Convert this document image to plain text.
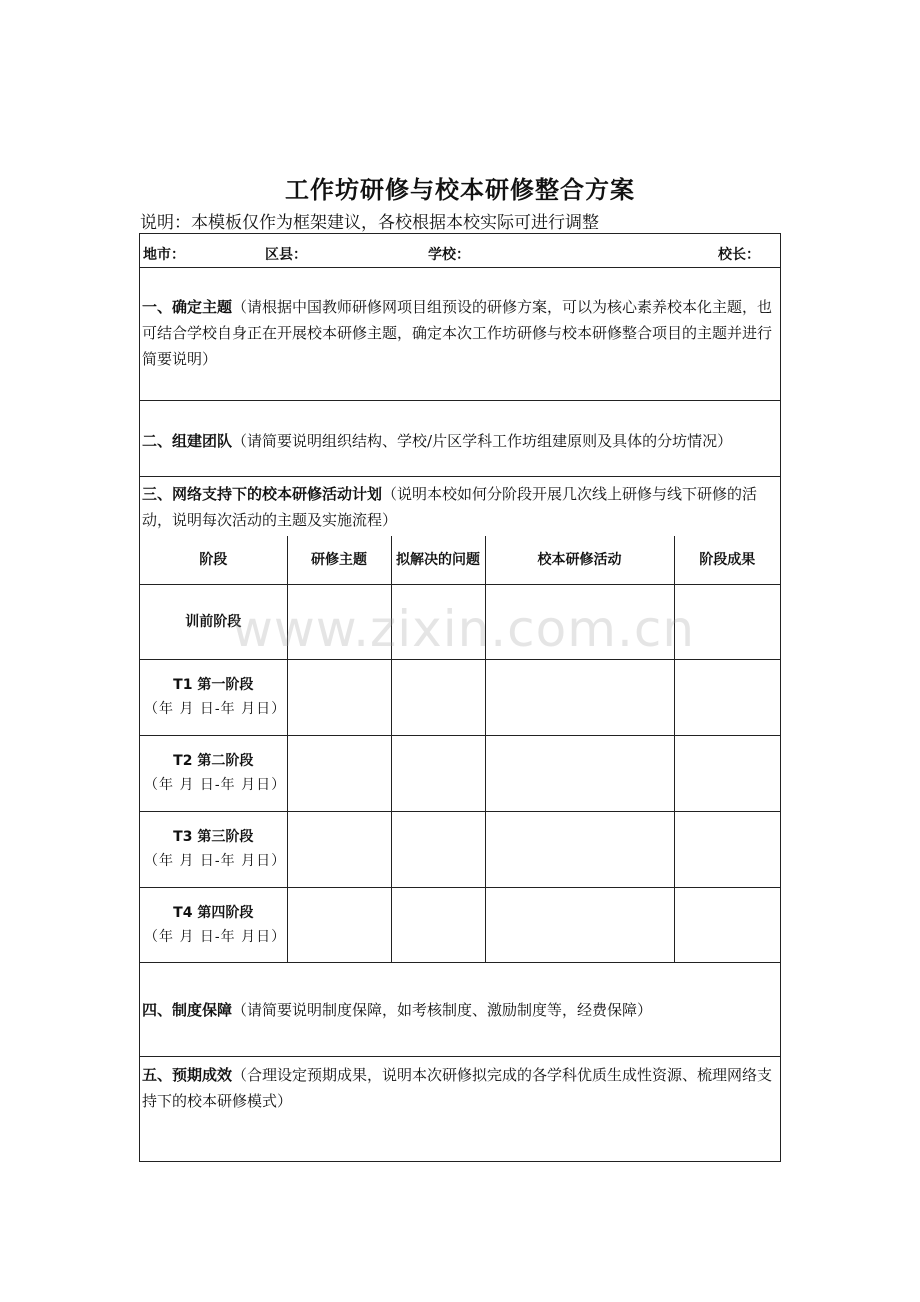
工作坊研修与校本研修整合方案

说明：本模板仅作为框架建议，各校根据本校实际可进行调整

地市：	区县：	学校：	校长：
一、确定主题（请根据中国教师研修网项目组预设的研修方案，可以为核心素养校本化主题，也可结合学校自身正在开展校本研修主题，确定本次工作坊研修与校本研修整合项目的主题并进行简要说明）
二、组建团队（请简要说明组织结构、学校/片区学科工作坊组建原则及具体的分坊情况）
三、网络支持下的校本研修活动计划（说明本校如何分阶段开展几次线上研修与线下研修的活动，说明每次活动的主题及实施流程）
阶段	研修主题	拟解决的问题	校本研修活动	阶段成果

训前阶段				

T1 第一阶段
（年 月 日-年 月日）				

T2 第二阶段
（年 月 日-年 月日）				

T3 第三阶段
（年 月 日-年 月日）				

T4 第四阶段
（年 月 日-年 月日）				

四、制度保障（请简要说明制度保障，如考核制度、激励制度等，经费保障）
五、预期成效（合理设定预期成果，说明本次研修拟完成的各学科优质生成性资源、梳理网络支持下的校本研修模式）
www.zixin.com.cn
